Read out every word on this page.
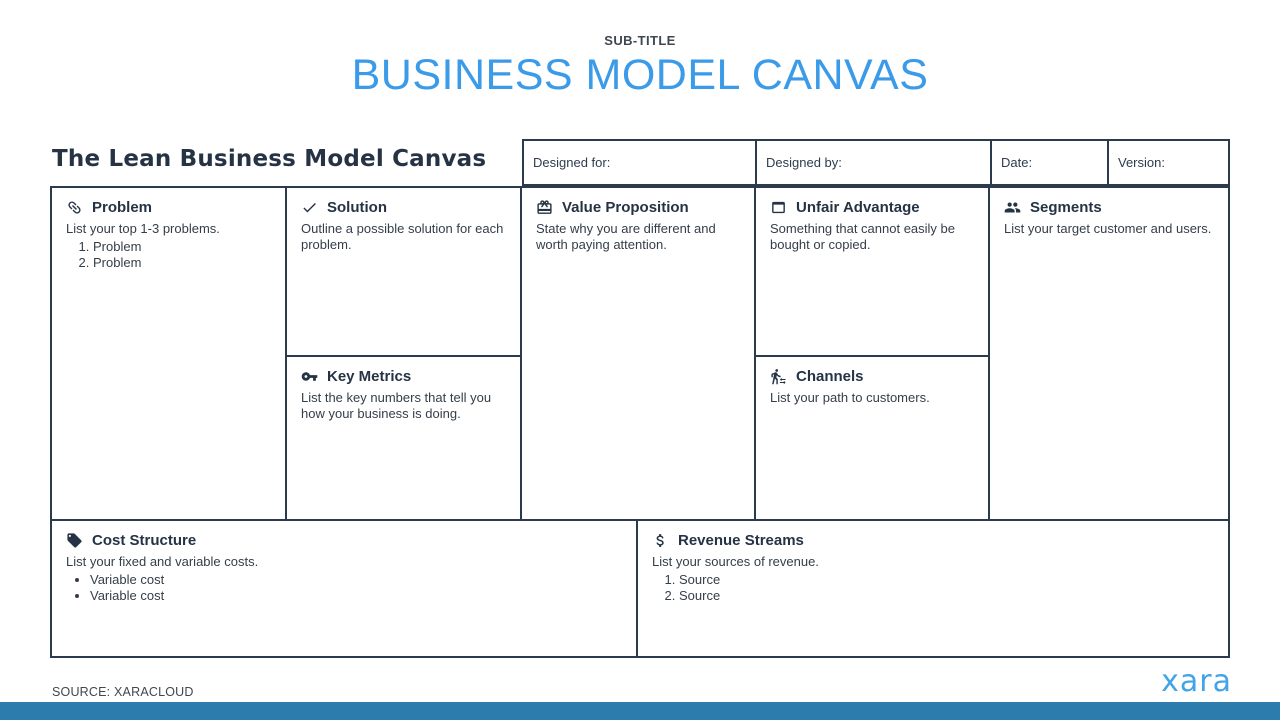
SUB-TITLE
BUSINESS MODEL CANVAS
The Lean Business Model Canvas	Designed for:	Designed by:	Date:	Version:
Problem
List your top 1-3 problems.
1. Problem
2. Problem
Solution
Outline a possible solution for each problem.
Key Metrics
List the key numbers that tell you how your business is doing.
Value Proposition
State why you are different and worth paying attention.
Unfair Advantage
Something that cannot easily be bought or copied.
Channels
List your path to customers.
Segments
List your target customer and users.
Cost Structure
List your fixed and variable costs.
• Variable cost
• Variable cost
Revenue Streams
List your sources of revenue.
1. Source
2. Source
SOURCE: XARACLOUD	xara
